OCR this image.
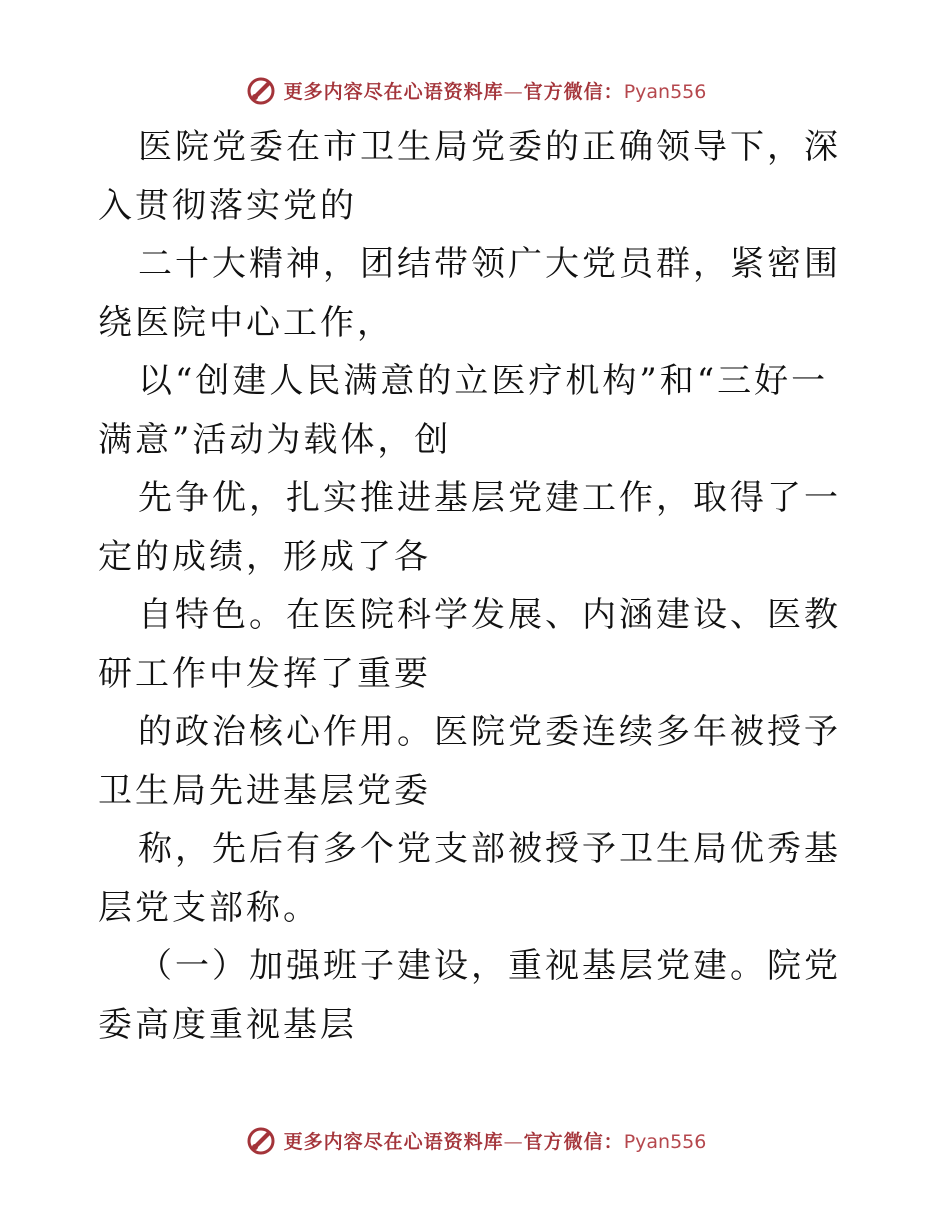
更多内容尽在心语资料库—官方微信：Pyan556

医院党委在市卫生局党委的正确领导下，深入贯彻落实党的

二十大精神，团结带领广大党员群，紧密围绕医院中心工作，

以“创建人民满意的立医疗机构”和“三好一满意”活动为载体，创

先争优，扎实推进基层党建工作，取得了一定的成绩，形成了各

自特色。在医院科学发展、内涵建设、医教研工作中发挥了重要

的政治核心作用。医院党委连续多年被授予卫生局先进基层党委

称，先后有多个党支部被授予卫生局优秀基层党支部称。

（一）加强班子建设，重视基层党建。院党委高度重视基层

更多内容尽在心语资料库—官方微信：Pyan556
